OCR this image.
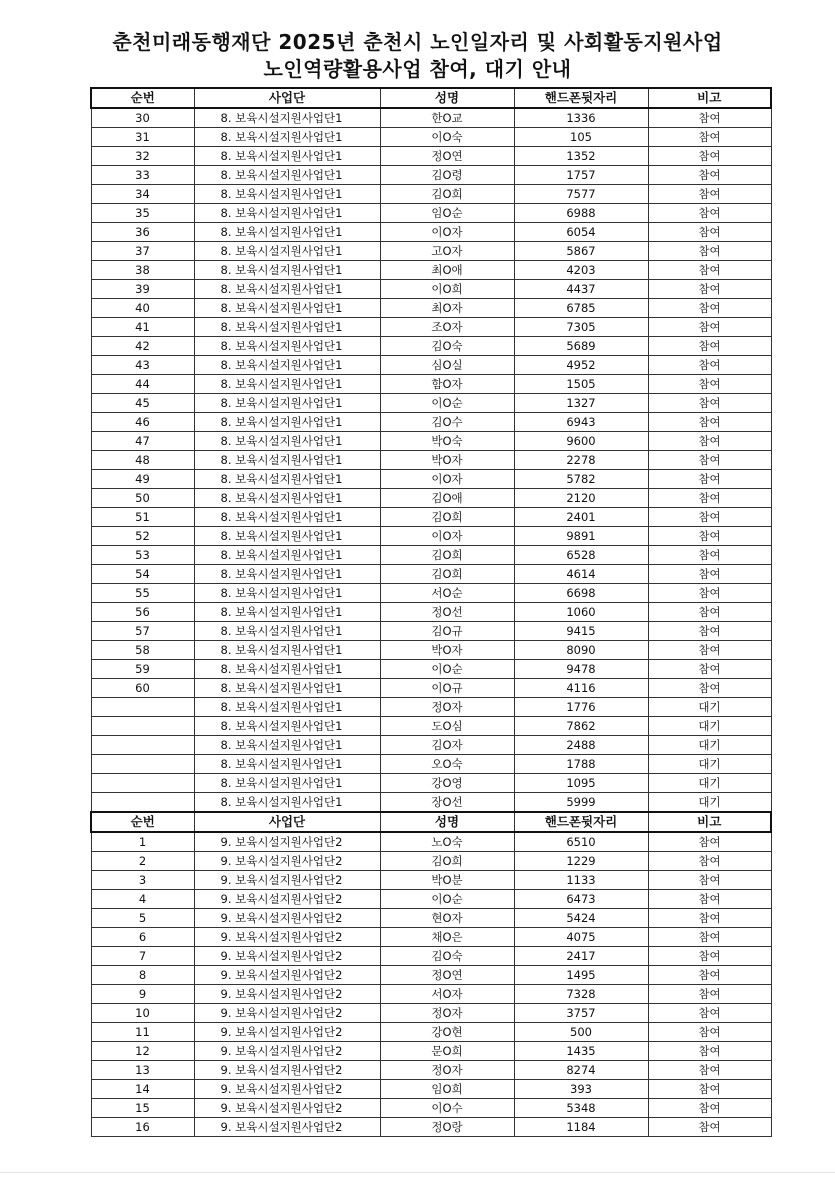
춘천미래동행재단 2025년 춘천시 노인일자리 및 사회활동지원사업
노인역량활용사업 참여, 대기 안내
순번	사업단	성명	핸드폰뒷자리	비고
30	8. 보육시설지원사업단1	한O교	1336	참여
31	8. 보육시설지원사업단1	이O숙	105	참여
32	8. 보육시설지원사업단1	정O연	1352	참여
33	8. 보육시설지원사업단1	김O령	1757	참여
34	8. 보육시설지원사업단1	김O희	7577	참여
35	8. 보육시설지원사업단1	임O순	6988	참여
36	8. 보육시설지원사업단1	이O자	6054	참여
37	8. 보육시설지원사업단1	고O자	5867	참여
38	8. 보육시설지원사업단1	최O애	4203	참여
39	8. 보육시설지원사업단1	이O희	4437	참여
40	8. 보육시설지원사업단1	최O자	6785	참여
41	8. 보육시설지원사업단1	조O자	7305	참여
42	8. 보육시설지원사업단1	김O숙	5689	참여
43	8. 보육시설지원사업단1	심O실	4952	참여
44	8. 보육시설지원사업단1	함O자	1505	참여
45	8. 보육시설지원사업단1	이O순	1327	참여
46	8. 보육시설지원사업단1	김O수	6943	참여
47	8. 보육시설지원사업단1	박O숙	9600	참여
48	8. 보육시설지원사업단1	박O자	2278	참여
49	8. 보육시설지원사업단1	이O자	5782	참여
50	8. 보육시설지원사업단1	김O애	2120	참여
51	8. 보육시설지원사업단1	김O희	2401	참여
52	8. 보육시설지원사업단1	이O자	9891	참여
53	8. 보육시설지원사업단1	김O희	6528	참여
54	8. 보육시설지원사업단1	김O희	4614	참여
55	8. 보육시설지원사업단1	서O순	6698	참여
56	8. 보육시설지원사업단1	정O선	1060	참여
57	8. 보육시설지원사업단1	김O규	9415	참여
58	8. 보육시설지원사업단1	박O자	8090	참여
59	8. 보육시설지원사업단1	이O순	9478	참여
60	8. 보육시설지원사업단1	이O규	4116	참여
	8. 보육시설지원사업단1	정O자	1776	대기
	8. 보육시설지원사업단1	도O심	7862	대기
	8. 보육시설지원사업단1	김O자	2488	대기
	8. 보육시설지원사업단1	오O숙	1788	대기
	8. 보육시설지원사업단1	강O영	1095	대기
	8. 보육시설지원사업단1	장O선	5999	대기
순번	사업단	성명	핸드폰뒷자리	비고
1	9. 보육시설지원사업단2	노O숙	6510	참여
2	9. 보육시설지원사업단2	김O희	1229	참여
3	9. 보육시설지원사업단2	박O분	1133	참여
4	9. 보육시설지원사업단2	이O순	6473	참여
5	9. 보육시설지원사업단2	현O자	5424	참여
6	9. 보육시설지원사업단2	채O은	4075	참여
7	9. 보육시설지원사업단2	김O숙	2417	참여
8	9. 보육시설지원사업단2	정O연	1495	참여
9	9. 보육시설지원사업단2	서O자	7328	참여
10	9. 보육시설지원사업단2	정O자	3757	참여
11	9. 보육시설지원사업단2	강O현	500	참여
12	9. 보육시설지원사업단2	문O희	1435	참여
13	9. 보육시설지원사업단2	정O자	8274	참여
14	9. 보육시설지원사업단2	임O희	393	참여
15	9. 보육시설지원사업단2	이O수	5348	참여
16	9. 보육시설지원사업단2	정O랑	1184	참여
